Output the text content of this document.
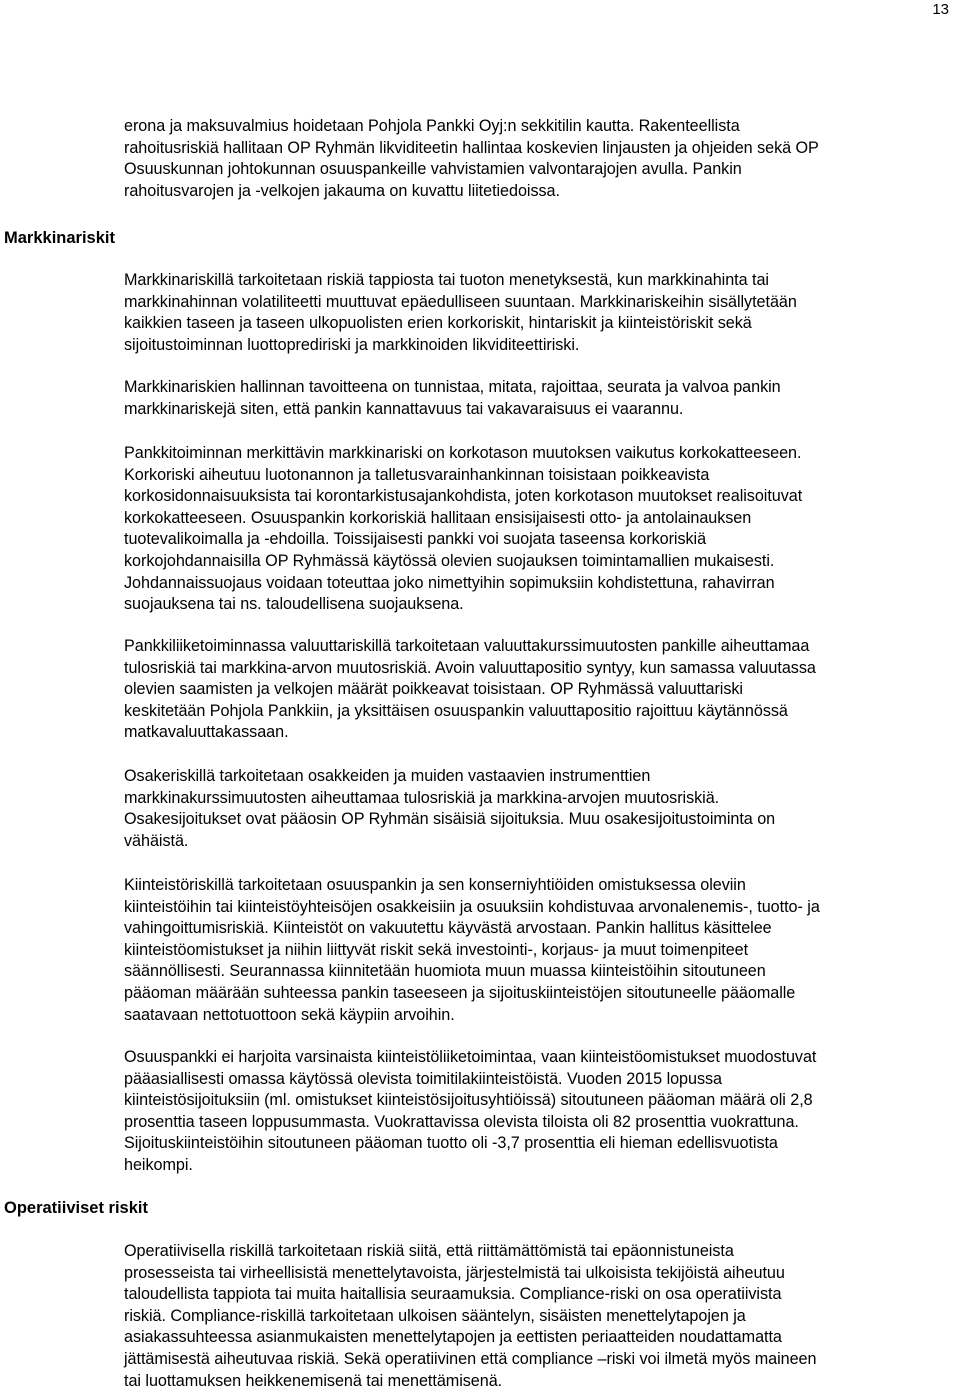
13
Markkinariskit
Operatiiviset riskit

erona ja maksuvalmius hoidetaan Pohjola Pankki Oyj:n sekkitilin kautta. Rakenteellista
rahoitusriskiä hallitaan OP Ryhmän likviditeetin hallintaa koskevien linjausten ja ohjeiden sekä OP
Osuuskunnan johtokunnan osuuspankeille vahvistamien valvontarajojen avulla. Pankin
rahoitusvarojen ja -velkojen jakauma on kuvattu liitetiedoissa.

Markkinariskillä tarkoitetaan riskiä tappiosta tai tuoton menetyksestä, kun markkinahinta tai
markkinahinnan volatiliteetti muuttuvat epäedulliseen suuntaan. Markkinariskeihin sisällytetään
kaikkien taseen ja taseen ulkopuolisten erien korkoriskit, hintariskit ja kiinteistöriskit sekä
sijoitustoiminnan luottoprediriski ja markkinoiden likviditeettiriski.

Markkinariskien hallinnan tavoitteena on tunnistaa, mitata, rajoittaa, seurata ja valvoa pankin
markkinariskejä siten, että pankin kannattavuus tai vakavaraisuus ei vaarannu.

Pankkitoiminnan merkittävin markkinariski on korkotason muutoksen vaikutus korkokatteeseen.
Korkoriski aiheutuu luotonannon ja talletusvarainhankinnan toisistaan poikkeavista
korkosidonnaisuuksista tai korontarkistusajankohdista, joten korkotason muutokset realisoituvat
korkokatteeseen. Osuuspankin korkoriskiä hallitaan ensisijaisesti otto- ja antolainauksen
tuotevalikoimalla ja -ehdoilla. Toissijaisesti pankki voi suojata taseensa korkoriskiä
korkojohdannaisilla OP Ryhmässä käytössä olevien suojauksen toimintamallien mukaisesti.
Johdannaissuojaus voidaan toteuttaa joko nimettyihin sopimuksiin kohdistettuna, rahavirran
suojauksena tai ns. taloudellisena suojauksena.

Pankkiliiketoiminnassa valuuttariskillä tarkoitetaan valuuttakurssimuutosten pankille aiheuttamaa
tulosriskiä tai markkina-arvon muutosriskiä. Avoin valuuttapositio syntyy, kun samassa valuutassa
olevien saamisten ja velkojen määrät poikkeavat toisistaan. OP Ryhmässä valuuttariski
keskitetään Pohjola Pankkiin, ja yksittäisen osuuspankin valuuttapositio rajoittuu käytännössä
matkavaluuttakassaan.

Osakeriskillä tarkoitetaan osakkeiden ja muiden vastaavien instrumenttien
markkinakurssimuutosten aiheuttamaa tulosriskiä ja markkina-arvojen muutosriskiä.
Osakesijoitukset ovat pääosin OP Ryhmän sisäisiä sijoituksia. Muu osakesijoitustoiminta on
vähäistä.

Kiinteistöriskillä tarkoitetaan osuuspankin ja sen konserniyhtiöiden omistuksessa oleviin
kiinteistöihin tai kiinteistöyhteisöjen osakkeisiin ja osuuksiin kohdistuvaa arvonalenemis-, tuotto- ja
vahingoittumisriskiä. Kiinteistöt on vakuutettu käyvästä arvostaan. Pankin hallitus käsittelee
kiinteistöomistukset ja niihin liittyvät riskit sekä investointi-, korjaus- ja muut toimenpiteet
säännöllisesti. Seurannassa kiinnitetään huomiota muun muassa kiinteistöihin sitoutuneen
pääoman määrään suhteessa pankin taseeseen ja sijoituskiinteistöjen sitoutuneelle pääomalle
saatavaan nettotuottoon sekä käypiin arvoihin.

Osuuspankki ei harjoita varsinaista kiinteistöliiketoimintaa, vaan kiinteistöomistukset muodostuvat
pääasiallisesti omassa käytössä olevista toimitilakiinteistöistä. Vuoden 2015 lopussa
kiinteistösijoituksiin (ml. omistukset kiinteistösijoitusyhtiöissä) sitoutuneen pääoman määrä oli 2,8
prosenttia taseen loppusummasta. Vuokrattavissa olevista tiloista oli 82 prosenttia vuokrattuna.
Sijoituskiinteistöihin sitoutuneen pääoman tuotto oli -3,7 prosenttia eli hieman edellisvuotista
heikompi.

Operatiivisella riskillä tarkoitetaan riskiä siitä, että riittämättömistä tai epäonnistuneista
prosesseista tai virheellisistä menettelytavoista, järjestelmistä tai ulkoisista tekijöistä aiheutuu
taloudellista tappiota tai muita haitallisia seuraamuksia. Compliance-riski on osa operatiivista
riskiä. Compliance-riskillä tarkoitetaan ulkoisen sääntelyn, sisäisten menettelytapojen ja
asiakassuhteessa asianmukaisten menettelytapojen ja eettisten periaatteiden noudattamatta
jättämisestä aiheutuvaa riskiä. Sekä operatiivinen että compliance –riski voi ilmetä myös maineen
tai luottamuksen heikkenemisenä tai menettämisenä.
